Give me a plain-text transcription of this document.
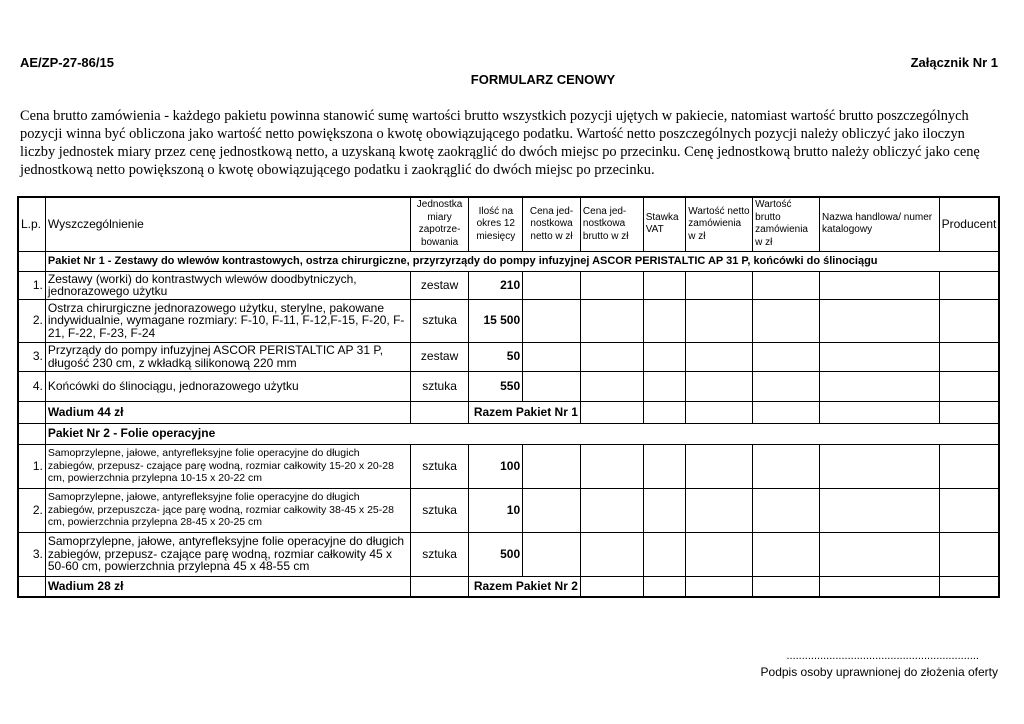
AE/ZP-27-86/15	Załącznik Nr 1
FORMULARZ CENOWY
Cena brutto zamówienia - każdego pakietu powinna stanowić sumę wartości brutto wszystkich pozycji ujętych w pakiecie, natomiast wartość brutto poszczególnych pozycji winna być obliczona jako wartość netto powiększona o kwotę obowiązującego podatku. Wartość netto poszczególnych pozycji należy obliczyć jako iloczyn liczby jednostek miary przez cenę jednostkową netto, a uzyskaną kwotę zaokrąglić do dwóch miejsc po przecinku. Cenę jednostkową brutto należy obliczyć jako cenę jednostkową netto powiększoną o kwotę obowiązującego podatku i zaokrąglić do dwóch miejsc po przecinku.
L.p.	Wyszczególnienie	Jednostka miary zapotrze-bowania	Ilość na okres 12 miesięcy	Cena jed-nostkowa netto w zł	Cena jed-nostkowa brutto w zł	Stawka VAT	Wartość netto zamówienia w zł	Wartość brutto zamówienia w zł	Nazwa handlowa/ numer katalogowy	Producent
	Pakiet Nr 1 - Zestawy do wlewów kontrastowych, ostrza chirurgiczne, przyrzyrządy do pompy infuzyjnej ASCOR PERISTALTIC AP 31 P, końcówki do ślinociągu									
1.	Zestawy (worki) do kontrastwych wlewów doodbytniczych, jednorazowego użytku	zestaw	210							
2.	Ostrza chirurgiczne jednorazowego użytku, sterylne, pakowane indywidualnie, wymagane rozmiary: F-10, F-11, F-12,F-15, F-20, F-21, F-22, F-23, F-24	sztuka	15 500							
3.	Przyrządy do pompy infuzyjnej ASCOR PERISTALTIC AP 31 P, długość 230 cm, z wkładką silikonową 220 mm	zestaw	50							
4.	Końcówki do ślinociągu, jednorazowego użytku	sztuka	550							
	Wadium 44 zł		Razem Pakiet Nr 1							
	Pakiet Nr 2 - Folie operacyjne									
1.	Samoprzylepne, jałowe, antyrefleksyjne folie operacyjne do długich zabiegów, przepusz- czające parę wodną, rozmiar całkowity 15-20 x 20-28 cm, powierzchnia przylepna 10-15 x 20-22 cm	sztuka	100							
2.	Samoprzylepne, jałowe, antyrefleksyjne folie operacyjne do długich zabiegów, przepuszcza- jące parę wodną, rozmiar całkowity 38-45 x 25-28 cm, powierzchnia przylepna 28-45 x 20-25 cm	sztuka	10							
3.	Samoprzylepne, jałowe, antyrefleksyjne folie operacyjne do długich zabiegów, przepusz- czające parę wodną, rozmiar całkowity 45 x 50-60 cm, powierzchnia przylepna 45 x 48-55 cm	sztuka	500							
	Wadium 28 zł		Razem Pakiet Nr 2							
...............................................................
Podpis osoby uprawnionej do złożenia oferty
